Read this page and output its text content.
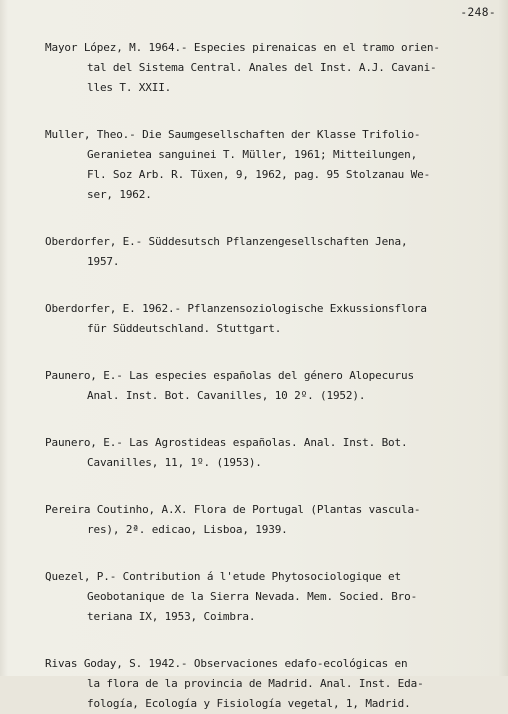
-248-
Mayor López, M. 1964.- Especies pirenaicas en el tramo orien-
tal del Sistema Central. Anales del Inst. A.J. Cavani-
lles T. XXII.
Muller, Theo.- Die Saumgesellschaften der Klasse Trifolio-
Geranietea sanguinei T. Müller, 1961; Mitteilungen,
Fl. Soz Arb. R. Tüxen, 9, 1962, pag. 95 Stolzanau We-
ser, 1962.
Oberdorfer, E.- Süddesutsch Pflanzengesellschaften Jena,
1957.
Oberdorfer, E. 1962.- Pflanzensoziologische Exkussionsflora
für Süddeutschland. Stuttgart.
Paunero, E.- Las especies españolas del género Alopecurus
Anal. Inst. Bot. Cavanilles, 10 2º. (1952).
Paunero, E.- Las Agrostideas españolas. Anal. Inst. Bot.
Cavanilles, 11, 1º. (1953).
Pereira Coutinho, A.X. Flora de Portugal (Plantas vascula-
res), 2ª. edicao, Lisboa, 1939.
Quezel, P.- Contribution á l'etude Phytosociologique et
Geobotanique de la Sierra Nevada. Mem. Socied. Bro-
teriana IX, 1953, Coimbra.
Rivas Goday, S. 1942.- Observaciones edafo-ecológicas en
la flora de la provincia de Madrid. Anal. Inst. Eda-
fología, Ecología y Fisiología vegetal, 1, Madrid.
